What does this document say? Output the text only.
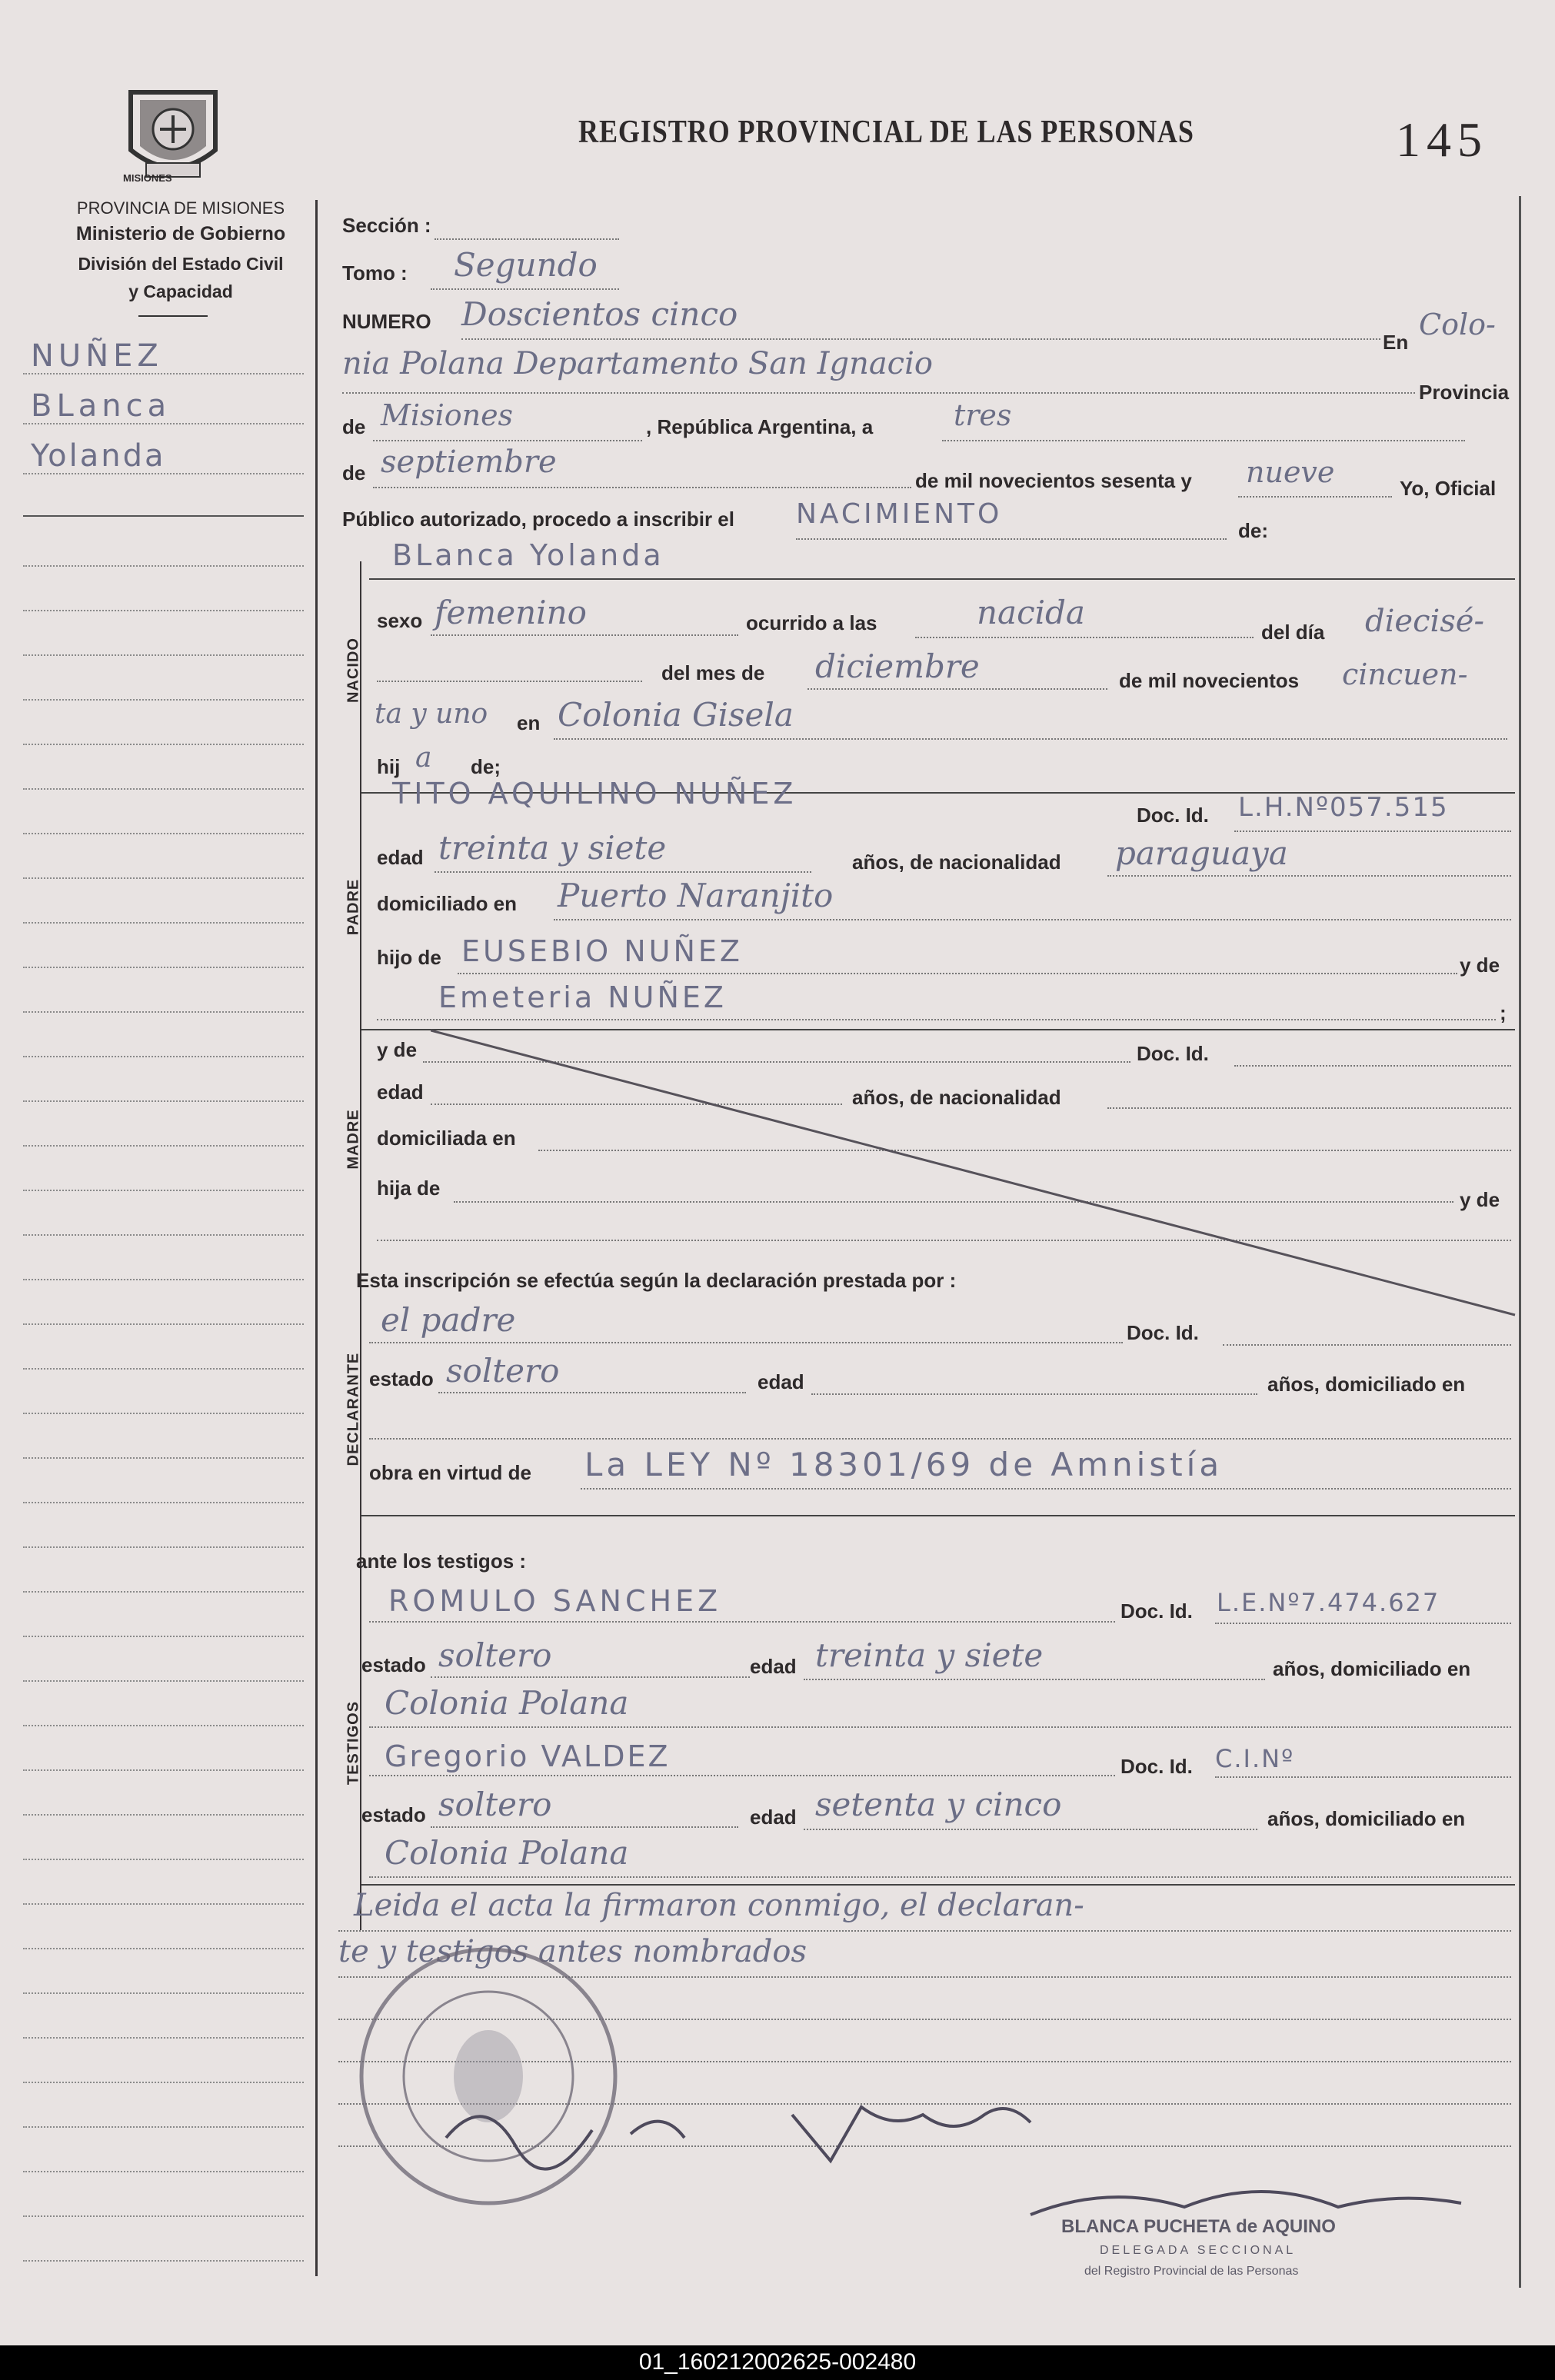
MISIONES
PROVINCIA DE MISIONES
Ministerio de Gobierno
División del Estado Civil
y Capacidad
REGISTRO PROVINCIAL DE LAS PERSONAS	145
NUÑEZ
BLanca
Yolanda
Sección :
Tomo : Segundo
NUMERO Doscientos cinco
En
Colo-
nia Polana Departamento San Ignacio
Provincia
de Misiones	, República Argentina, a	tres
de septiembre
de mil novecientos sesenta y nueve	Yo, Oficial
Público autorizado, procedo a inscribir el NACIMIENTO
de:
NACIDO
BLanca Yolanda
sexo femenino	ocurrido a las	nacida
del día diecisé-
del mes de diciembre	de mil novecientos cincuen-
ta y uno en Colonia Gisela
hij a de;
PADRE
TITO AQUILINO NUÑEZ
Doc. Id. L.H.Nº057.515
edad treinta y siete	años, de nacionalidad paraguaya
domiciliado en Puerto Naranjito
hijo de EUSEBIO NUÑEZ	y de
Emeteria NUÑEZ	;
MADRE
y de	Doc. Id.
edad	años, de nacionalidad
domiciliada en
hija de	y de
Esta inscripción se efectúa según la declaración prestada por :
DECLARANTE
el padre	Doc. Id.
estado soltero	edad	años, domiciliado en
obra en virtud de La LEY Nº 18301/69 de Amnistía
ante los testigos :
TESTIGOS
ROMULO SANCHEZ	Doc. Id. L.E.Nº7.474.627
estado soltero	edad treinta y siete	años, domiciliado en
Colonia Polana
Gregorio VALDEZ	Doc. Id. C.I.Nº
estado soltero	edad setenta y cinco	años, domiciliado en
Colonia Polana
Leida el acta la firmaron conmigo, el declaran-
te y testigos antes nombrados
BLANCA PUCHETA de AQUINO
DELEGADA SECCIONAL
del Registro Provincial de las Personas
01_160212002625-002480
